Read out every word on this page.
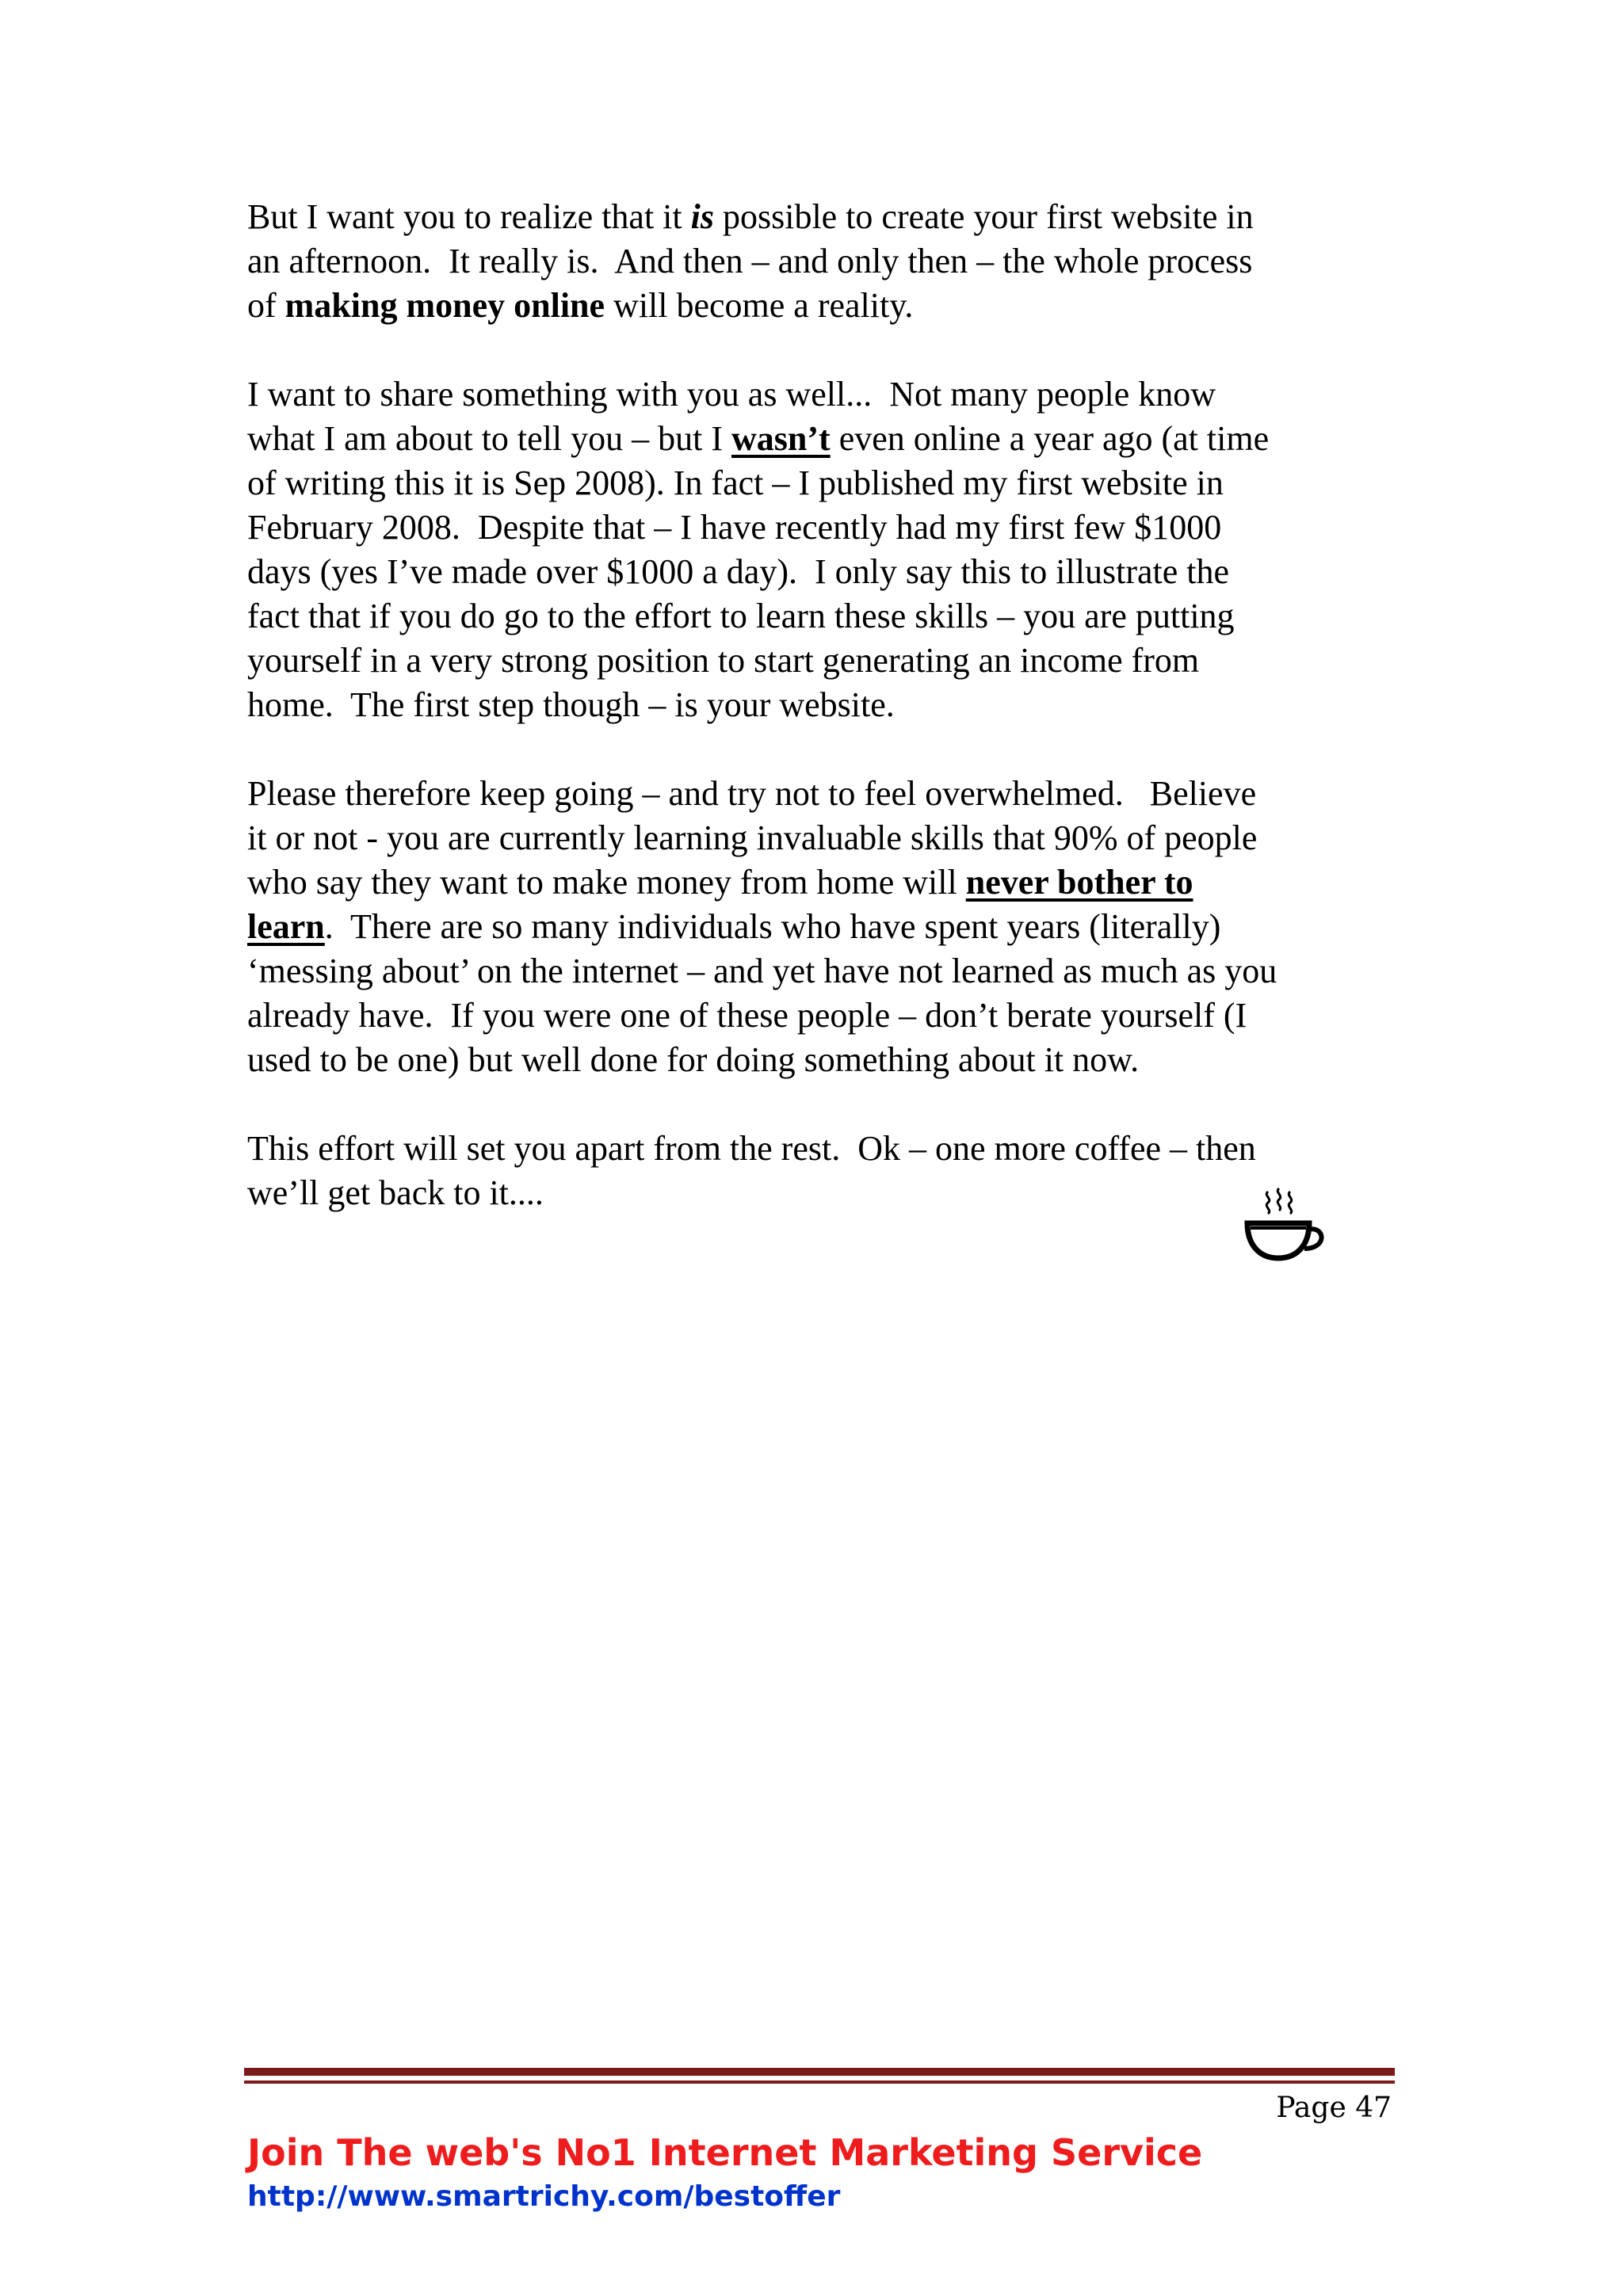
But I want you to realize that it is possible to create your first website in
an afternoon.  It really is.  And then – and only then – the whole process
of making money online will become a reality.
I want to share something with you as well...  Not many people know
what I am about to tell you – but I wasn’t even online a year ago (at time
of writing this it is Sep 2008). In fact – I published my first website in
February 2008.  Despite that – I have recently had my first few $1000
days (yes I’ve made over $1000 a day).  I only say this to illustrate the
fact that if you do go to the effort to learn these skills – you are putting
yourself in a very strong position to start generating an income from
home.  The first step though – is your website.
Please therefore keep going – and try not to feel overwhelmed.   Believe
it or not - you are currently learning invaluable skills that 90% of people
who say they want to make money from home will never bother to
learn.  There are so many individuals who have spent years (literally)
‘messing about’ on the internet – and yet have not learned as much as you
already have.  If you were one of these people – don’t berate yourself (I
used to be one) but well done for doing something about it now.
This effort will set you apart from the rest.  Ok – one more coffee – then
we’ll get back to it....
Page 47
Join The web's No1 Internet Marketing Service
http://www.smartrichy.com/bestoffer
